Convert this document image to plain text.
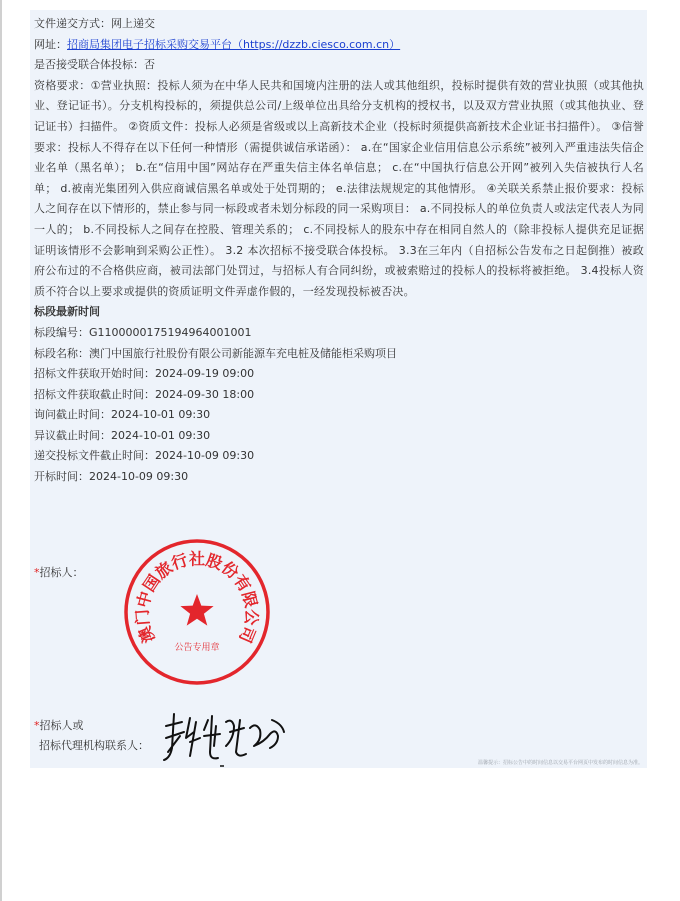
文件递交方式：网上递交
网址：招商局集团电子招标采购交易平台（https://dzzb.ciesco.com.cn）
是否接受联合体投标：否
资格要求：①营业执照：投标人须为在中华人民共和国境内注册的法人或其他组织，投标时提供有效的营业执照（或其他执业、登记证书）。分支机构投标的，须提供总公司/上级单位出具给分支机构的授权书，以及双方营业执照（或其他执业、登记证书）扫描件。 ②资质文件：投标人必须是省级或以上高新技术企业（投标时须提供高新技术企业证书扫描件）。 ③信誉要求：投标人不得存在以下任何一种情形（需提供诚信承诺函）： a.在“国家企业信用信息公示系统”被列入严重违法失信企业名单（黑名单）； b.在“信用中国”网站存在严重失信主体名单信息； c.在“中国执行信息公开网”被列入失信被执行人名单； d.被南光集团列入供应商诚信黑名单或处于处罚期的； e.法律法规规定的其他情形。 ④关联关系禁止报价要求：投标人之间存在以下情形的，禁止参与同一标段或者未划分标段的同一采购项目： a.不同投标人的单位负责人或法定代表人为同一人的； b.不同投标人之间存在控股、管理关系的； c.不同投标人的股东中存在相同自然人的（除非投标人提供充足证据证明该情形不会影响到采购公正性）。 3.2 本次招标不接受联合体投标。 3.3在三年内（自招标公告发布之日起倒推）被政府公布过的不合格供应商，被司法部门处罚过，与招标人有合同纠纷，或被索赔过的投标人的投标将被拒绝。 3.4投标人资质不符合以上要求或提供的资质证明文件弄虚作假的，一经发现投标被否决。
标段最新时间
标段编号：G1100000175194964001001
标段名称：澳门中国旅行社股份有限公司新能源车充电桩及储能柜采购项目
招标文件获取开始时间：2024-09-19 09:00
招标文件获取截止时间：2024-09-30 18:00
询问截止时间：2024-10-01 09:30
异议截止时间：2024-10-01 09:30
递交投标文件截止时间：2024-10-09 09:30
开标时间：2024-10-09 09:30
*招标人：
澳门中国旅行社股份有限公司
公告专用章
*招标人或
招标代理机构联系人：
温馨提示：招标公告中的时间信息以交易平台网页中发布的时间信息为准。
